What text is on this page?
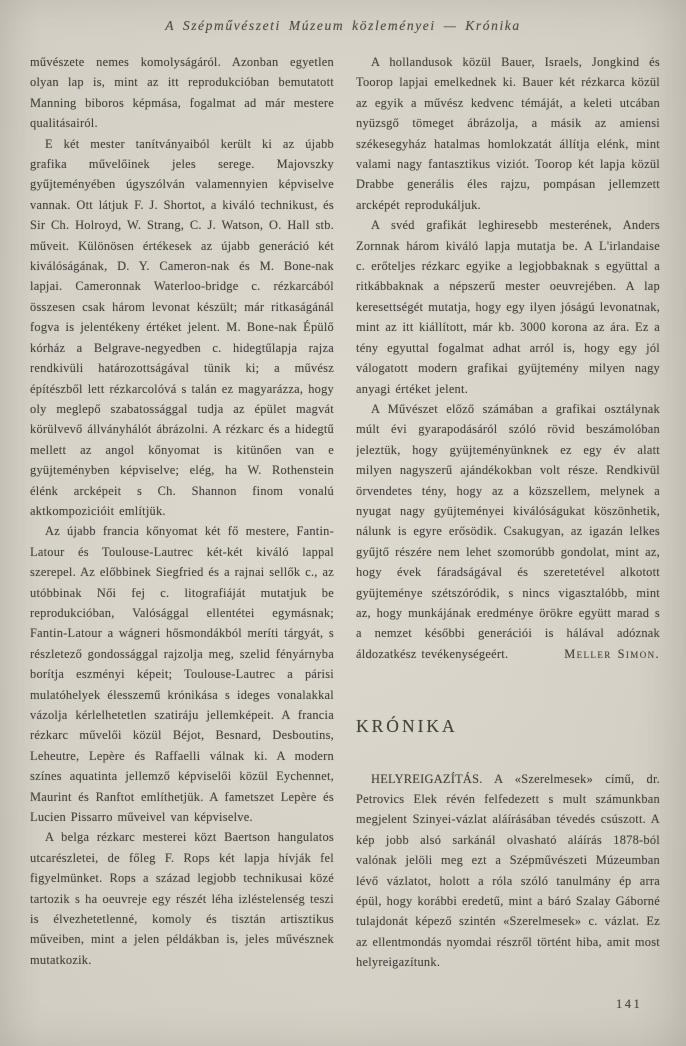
A Szépművészeti Múzeum közleményei — Krónika

művészete nemes komolyságáról. Azonban egyetlen olyan lap is, mint az itt reprodukcióban bemutatott Manning biboros képmása, fogalmat ad már mestere qualitásairól.

E két mester tanítványaiból került ki az újabb grafika művelőinek jeles serege. Majovszky gyűjteményében úgyszólván valamennyien képviselve vannak. Ott látjuk F. J. Shortot, a kiváló technikust, és Sir Ch. Holroyd, W. Strang, C. J. Watson, O. Hall stb. műveit. Különösen értékesek az újabb generáció két kiválóságának, D. Y. Cameron-nak és M. Bone-nak lapjai. Cameronnak Waterloo-bridge c. rézkarcából összesen csak három levonat készült; már ritkaságánál fogva is jelentékeny értéket jelent. M. Bone-nak Épülő kórház a Belgrave-negyedben c. hidegtűlapja rajza rendkivüli határozottságával tünik ki; a művész építészből lett rézkarcolóvá s talán ez magyarázza, hogy oly meglepő szabatossággal tudja az épület magvát körülvevő állványhálót ábrázolni. A rézkarc és a hidegtű mellett az angol kőnyomat is kitünően van e gyüjteményben képviselve; elég, ha W. Rothenstein élénk arcképeit s Ch. Shannon finom vonalú aktkompozicióit említjük.

Az újabb francia kőnyomat két fő mestere, Fantin-Latour és Toulouse-Lautrec két-két kiváló lappal szerepel. Az előbbinek Siegfried és a rajnai sellők c., az utóbbinak Női fej c. litografiáját mutatjuk be reprodukcióban, Valósággal ellentétei egymásnak; Fantin-Latour a wágneri hősmondákból meríti tárgyát, s részletező gondossággal rajzolja meg, szelid fényárnyba borítja eszményi képeit; Toulouse-Lautrec a párisi mulatóhelyek élesszemű krónikása s ideges vonalakkal vázolja kérlelhetetlen szatiráju jellemképeit. A francia rézkarc művelői közül Béjot, Besnard, Desboutins, Leheutre, Lepère és Raffaelli válnak ki. A modern színes aquatinta jellemző képviselői közül Eychennet, Maurint és Ranftot említhetjük. A fametszet Lepère és Lucien Pissarro műveivel van képviselve.

A belga rézkarc mesterei közt Baertson hangulatos utcarészletei, de főleg F. Rops két lapja hívják fel figyelmünket. Rops a század legjobb technikusai közé tartozik s ha oeuvreje egy részét léha izléstelenség teszi is élvezhetetlenné, komoly és tisztán artisztikus műveiben, mint a jelen példákban is, jeles művésznek mutatkozik.

A hollandusok közül Bauer, Israels, Jongkind és Toorop lapjai emelkednek ki. Bauer két rézkarca közül az egyik a művész kedvenc témáját, a keleti utcában nyüzsgő tömeget ábrázolja, a másik az amiensi székesegyház hatalmas homlokzatát állítja elénk, mint valami nagy fantasztikus viziót. Toorop két lapja közül Drabbe generális éles rajzu, pompásan jellemzett arcképét reprodukáljuk.

A svéd grafikát leghiresebb mesterének, Anders Zornnak három kiváló lapja mutatja be. A L'irlandaise c. erőteljes rézkarc egyike a legjobbaknak s együttal a ritkábbaknak a népszerű mester oeuvrejében. A lap keresettségét mutatja, hogy egy ilyen jóságú levonatnak, mint az itt kiállított, már kb. 3000 korona az ára. Ez a tény egyuttal fogalmat adhat arról is, hogy egy jól válogatott modern grafikai gyüjtemény milyen nagy anyagi értéket jelent.

A Művészet előző számában a grafikai osztálynak múlt évi gyarapodásáról szóló rövid beszámolóban jeleztük, hogy gyüjteményünknek ez egy év alatt milyen nagyszerű ajándékokban volt része. Rendkivül örvendetes tény, hogy az a közszellem, melynek a nyugat nagy gyüjteményei kiválóságukat köszönhetik, nálunk is egyre erősödik. Csakugyan, az igazán lelkes gyűjtő részére nem lehet szomorúbb gondolat, mint az, hogy évek fáradságával és szeretetével alkotott gyüjteménye szétszóródik, s nincs vigasztalóbb, mint az, hogy munkájának eredménye örökre együtt marad s a nemzet későbbi generációi is hálával adóznak áldozatkész tevékenységeért.	Meller Simon.

KRÓNIKA

HELYREIGAZÍTÁS. A «Szerelmesek» című, dr. Petrovics Elek révén felfedezett s mult számunkban megjelent Szinyei-vázlat aláírásában tévedés csúszott. A kép jobb alsó sarkánál olvasható aláírás 1878-ból valónak jelöli meg ezt a Szépművészeti Múzeumban lévő vázlatot, holott a róla szóló tanulmány ép arra épül, hogy korábbi eredetű, mint a báró Szalay Gáborné tulajdonát képező szintén «Szerelmesek» c. vázlat. Ez az ellentmondás nyomdai részről történt hiba, amit most helyreigazítunk.

141
